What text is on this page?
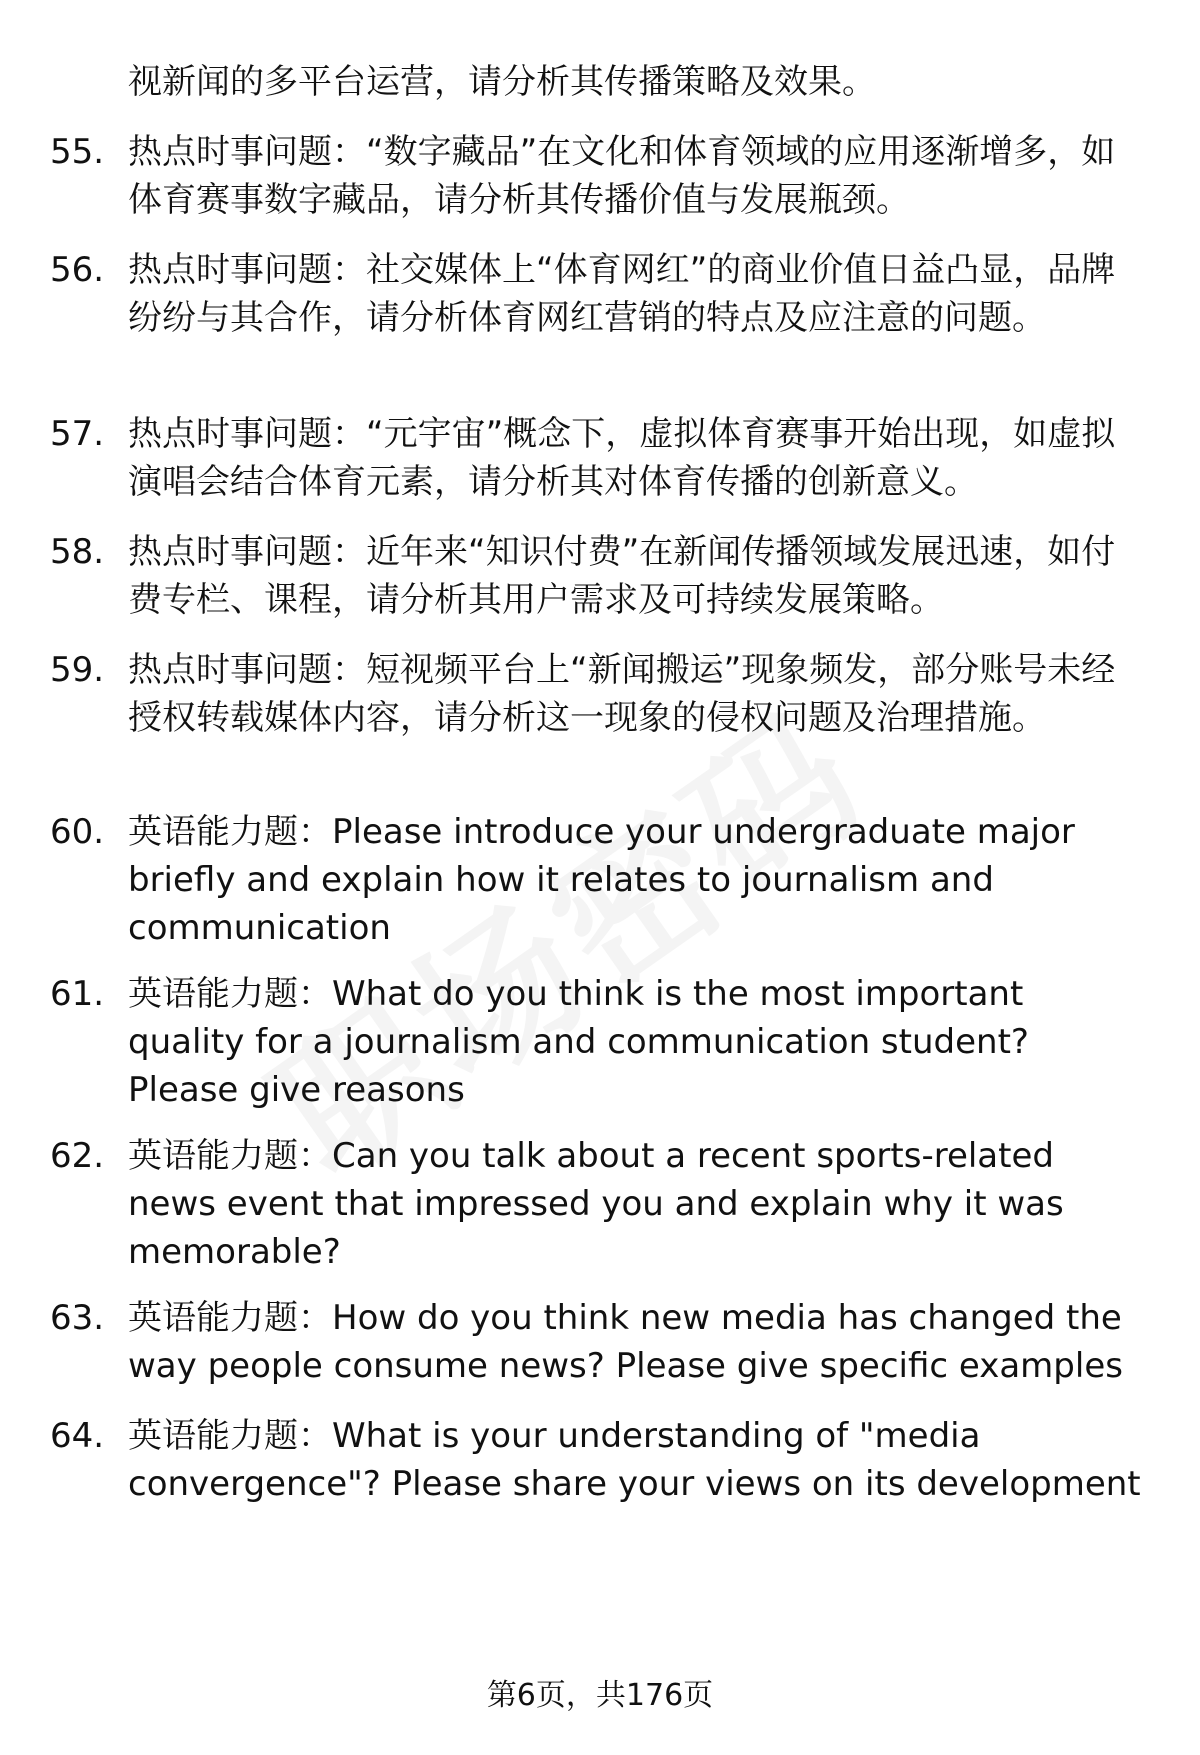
视新闻的多平台运营，请分析其传播策略及效果。
55. 热点时事问题：“数字藏品”在文化和体育领域的应用逐渐增多，如体育赛事数字藏品，请分析其传播价值与发展瓶颈。
56. 热点时事问题：社交媒体上“体育网红”的商业价值日益凸显，品牌纷纷与其合作，请分析体育网红营销的特点及应注意的问题。
57. 热点时事问题：“元宇宙”概念下，虚拟体育赛事开始出现，如虚拟演唱会结合体育元素，请分析其对体育传播的创新意义。
58. 热点时事问题：近年来“知识付费”在新闻传播领域发展迅速，如付费专栏、课程，请分析其用户需求及可持续发展策略。
59. 热点时事问题：短视频平台上“新闻搬运”现象频发，部分账号未经授权转载媒体内容，请分析这一现象的侵权问题及治理措施。
60. 英语能力题：Please introduce your undergraduate major briefly and explain how it relates to journalism and communication
61. 英语能力题：What do you think is the most important quality for a journalism and communication student? Please give reasons
62. 英语能力题：Can you talk about a recent sports-related news event that impressed you and explain why it was memorable?
63. 英语能力题：How do you think new media has changed the way people consume news? Please give specific examples
64. 英语能力题：What is your understanding of "media convergence"? Please share your views on its development
第6页，共176页
